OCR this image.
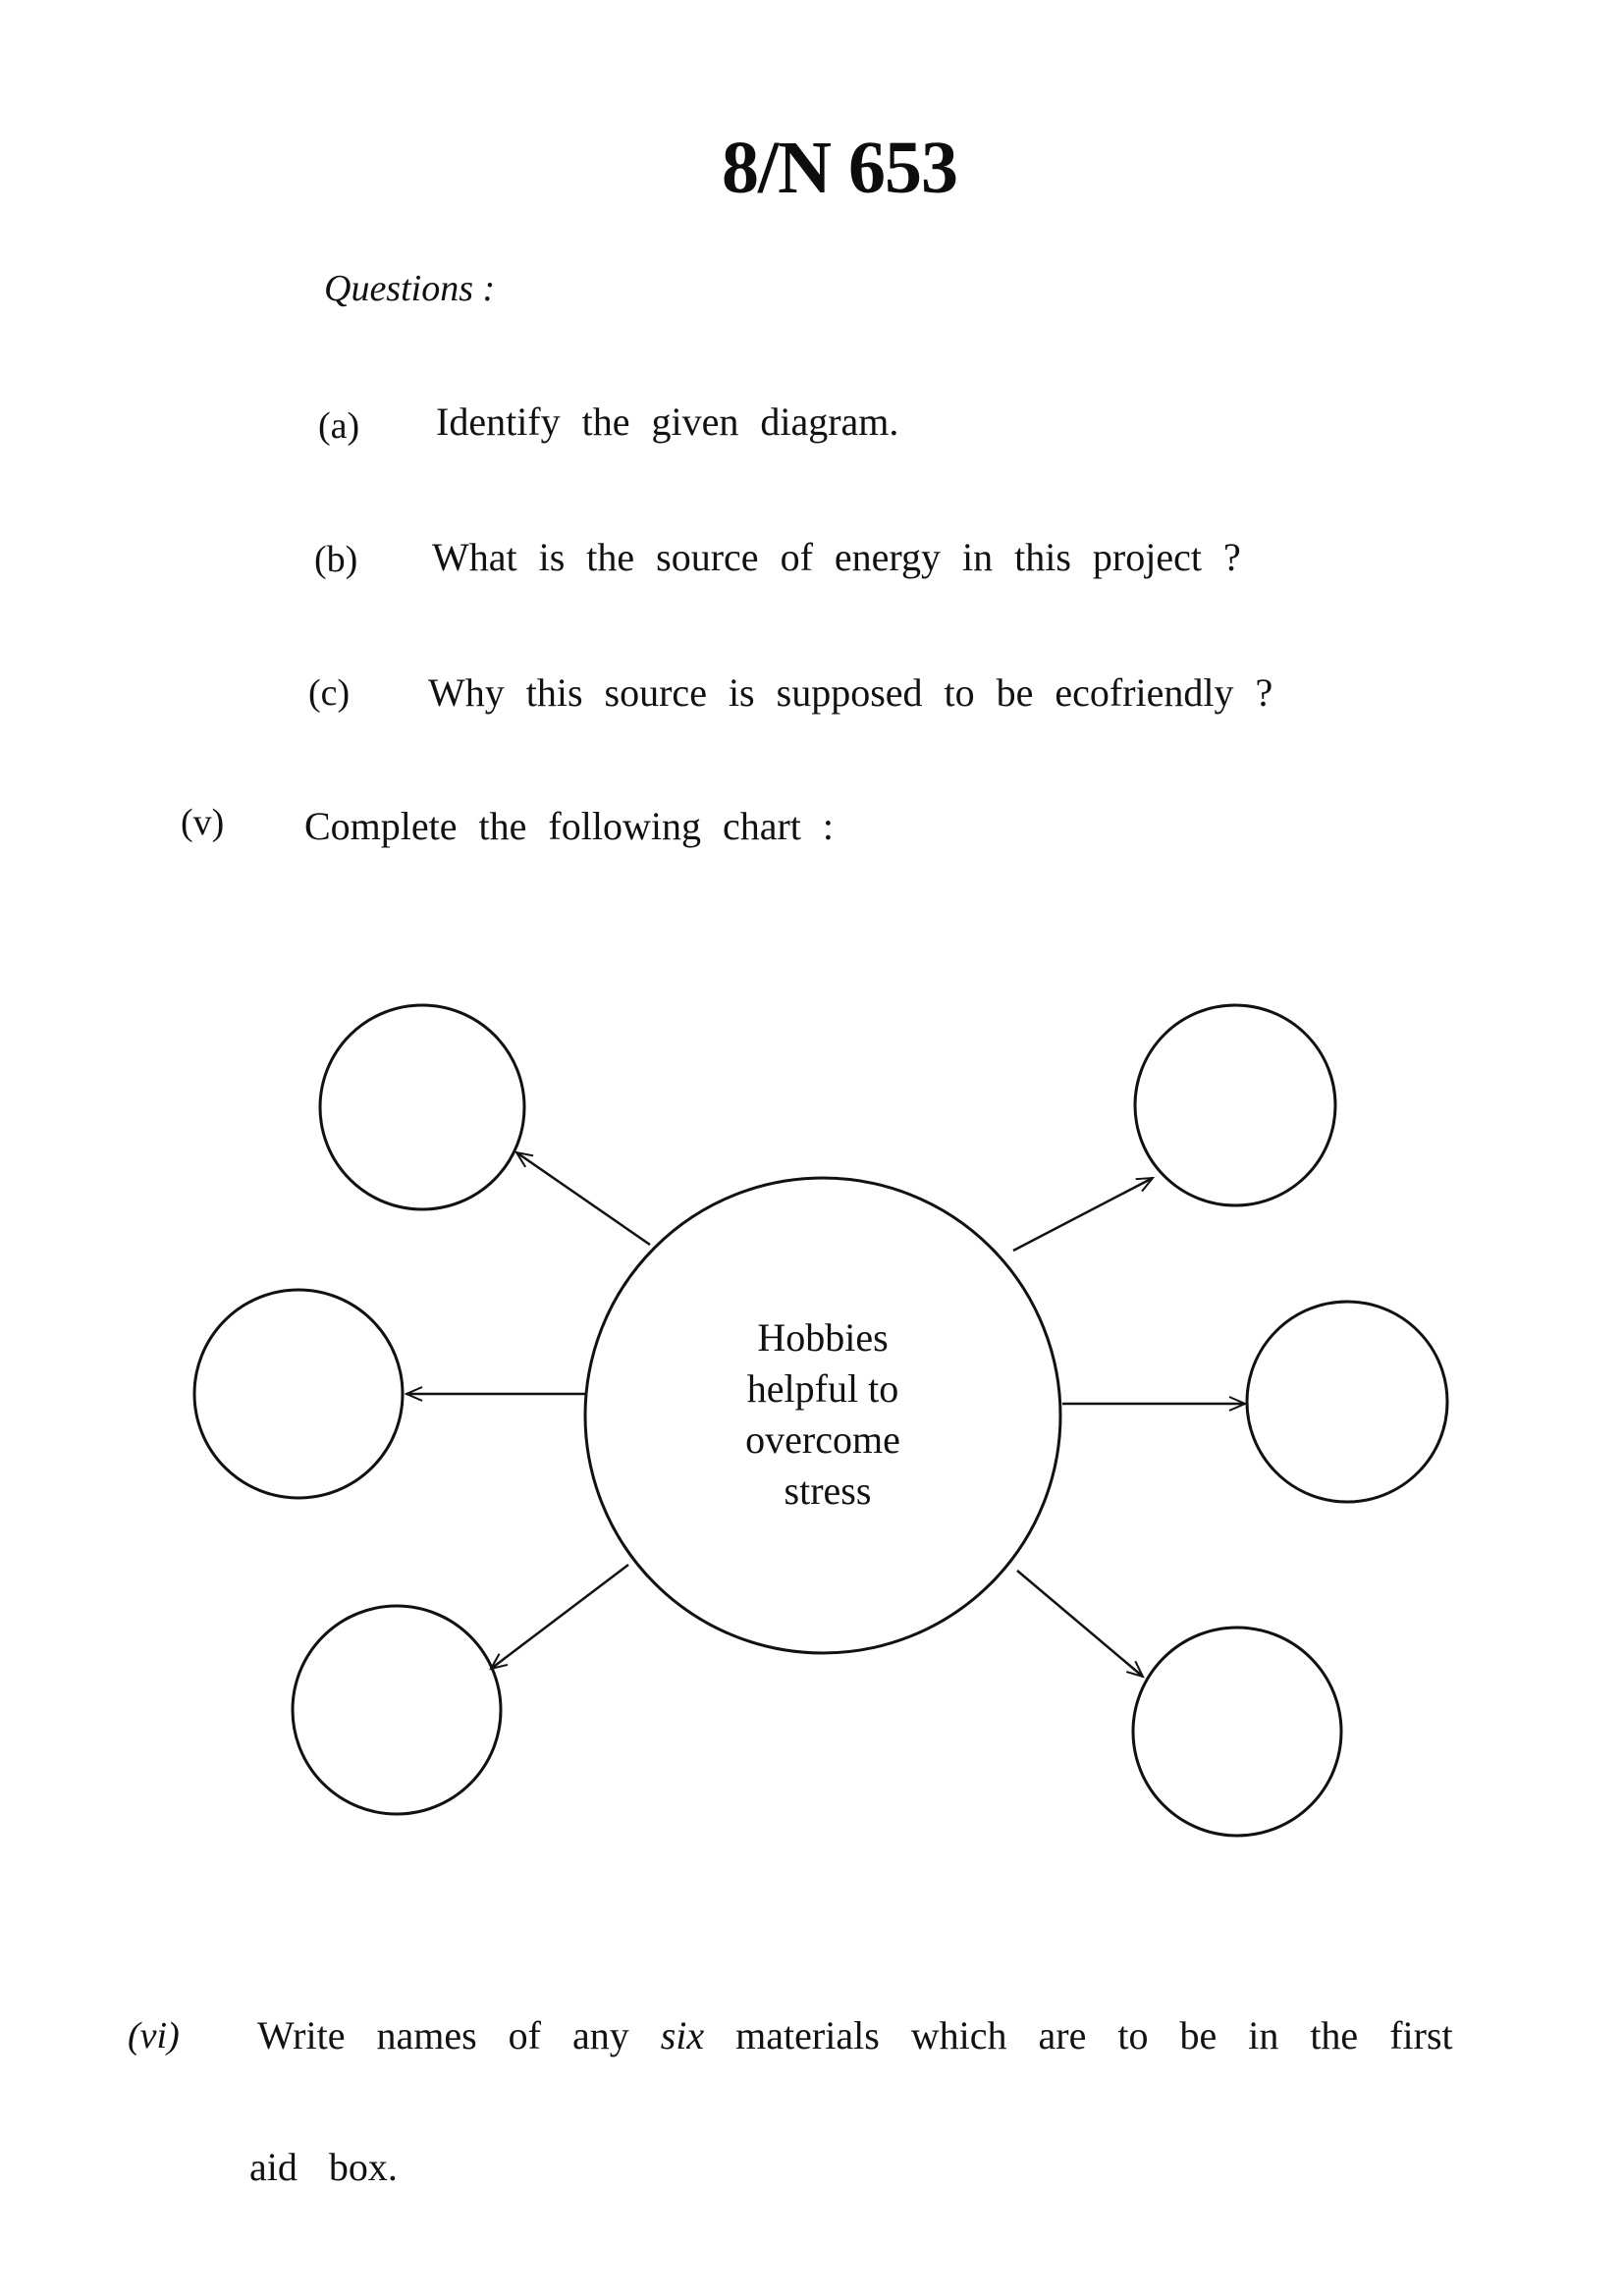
8/N 653
Questions :
(a) Identify the given diagram.
(b) What is the source of energy in this project ?
(c) Why this source is supposed to be ecofriendly ?
(v) Complete the following chart :
Hobbies helpful to overcome stress
(vi) Write names of any six materials which are to be in the first
aid box.
